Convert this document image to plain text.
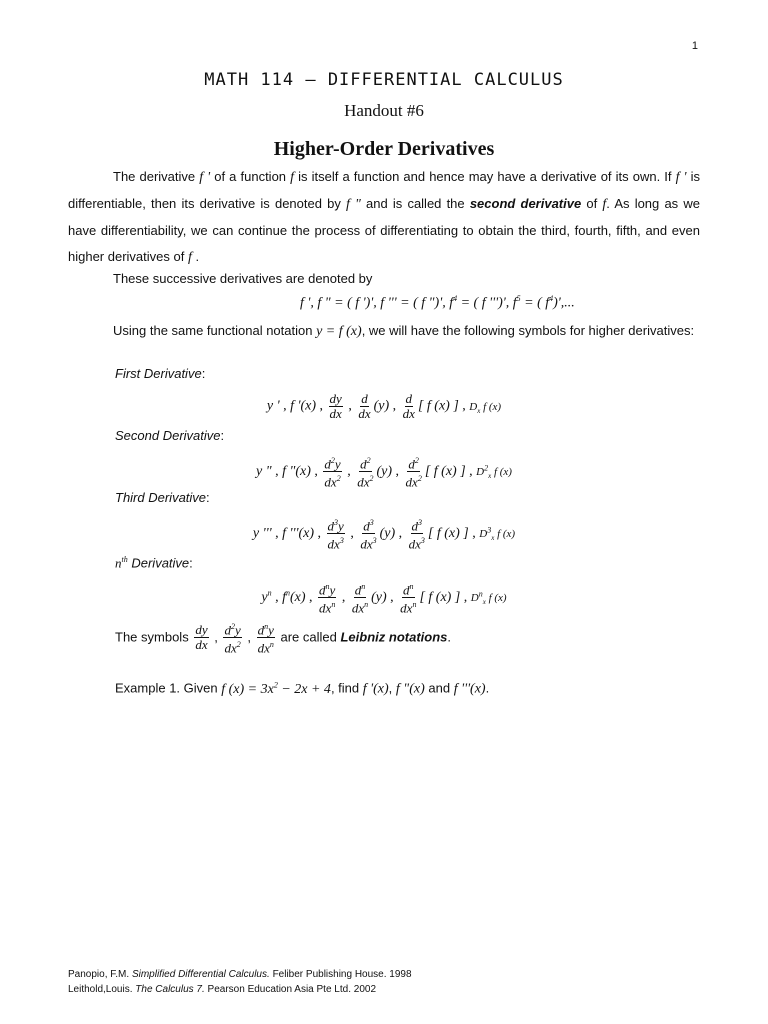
1
MATH 114 – DIFFERENTIAL CALCULUS
Handout #6
Higher-Order Derivatives
The derivative f ' of a function f is itself a function and hence may have a derivative of its own. If f ' is differentiable, then its derivative is denoted by f " and is called the second derivative of f. As long as we have differentiability, we can continue the process of differentiating to obtain the third, fourth, fifth, and even higher derivatives of f .
These successive derivatives are denoted by
f ', f " = ( f ')', f ''' = ( f ")', $f^4$ = ( f ''')', $f^5$ = ( $f^4)'$,...
Using the same functional notation y = f (x), we will have the following symbols for higher derivatives:
First Derivative:
y ' , f '(x) , $\frac{dy}{dx}$ , $\frac{d}{dx} (y)$ , $\frac{d}{dx}$ [ f (x) ] , $D_x$ f (x)
Second Derivative:
y " , f "(x) , $\frac{d^2y}{dx^2}$ , $\frac{d^2}{dx^2} (y)$ , $\frac{d^2}{dx^2}$ [ f (x) ] , $D^2_x$ f (x)
Third Derivative:
y ''' , f '''(x) , $\frac{d^3y}{dx^3}$ , $\frac{d^3}{dx^3} (y)$ , $\frac{d^3}{dx^3}$ [ f (x) ] , $D^3_x$ f (x)
$n^{th}$ Derivative:
$y^n$ , $f^n(x)$ , $\frac{d^ny}{dx^n}$ , $\frac{d^n}{dx^n} (y)$ , $\frac{d^n}{dx^n}$ [ f (x) ] , $D^n_x$ f (x)
The symbols $\frac{dy}{dx}$ , $\frac{d^2y}{dx^2}$ , $\frac{d^ny}{dx^n}$ are called Leibniz notations.
Example 1. Given f $(x) = 3x^2 - 2x + 4$, find f '(x), f "(x) and f '''(x).
Panopio, F.M. Simplified Differential Calculus. Feliber Publishing House. 1998
Leithold,Louis. The Calculus 7. Pearson Education Asia Pte Ltd. 2002
